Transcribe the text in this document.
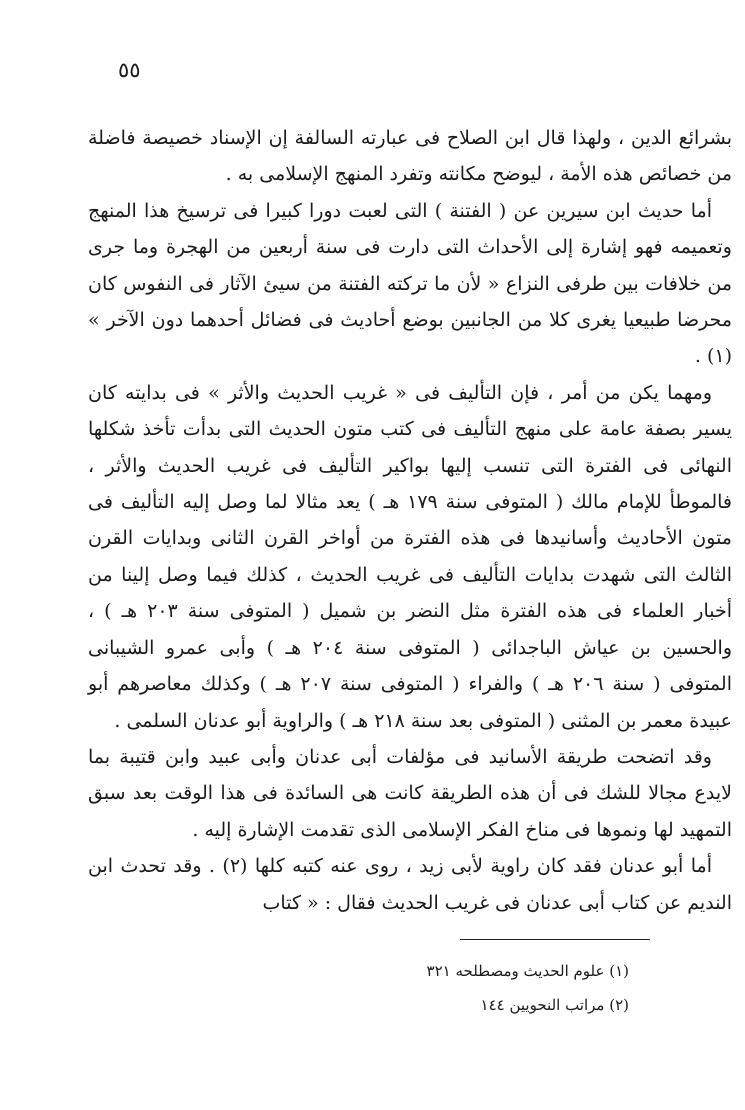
٥٥

بشرائع الدين ، ولهذا قال ابن الصلاح فى عبارته السالفة إن الإسناد خصيصة فاضلة من خصائص هذه الأمة ، ليوضح مكانته وتفرد المنهج الإسلامى به .

أما حديث ابن سيرين عن ( الفتنة ) التى لعبت دورا كبيرا فى ترسيخ هذا المنهج وتعميمه فهو إشارة إلى الأحداث التى دارت فى سنة أربعين من الهجرة وما جرى من خلافات بين طرفى النزاع « لأن ما تركته الفتنة من سيئ الآثار فى النفوس كان محرضا طبيعيا يغرى كلا من الجانبين بوضع أحاديث فى فضائل أحدهما دون الآخر » (١) .

ومهما يكن من أمر ، فإن التأليف فى « غريب الحديث والأثر » فى بدايته كان يسير بصفة عامة على منهج التأليف فى كتب متون الحديث التى بدأت تأخذ شكلها النهائى فى الفترة التى تنسب إليها بواكير التأليف فى غريب الحديث والأثر ، فالموطأ للإمام مالك ( المتوفى سنة ١٧٩ هـ ) يعد مثالا لما وصل إليه التأليف فى متون الأحاديث وأسانيدها فى هذه الفترة من أواخر القرن الثانى وبدايات القرن الثالث التى شهدت بدايات التأليف فى غريب الحديث ، كذلك فيما وصل إلينا من أخبار العلماء فى هذه الفترة مثل النضر بن شميل ( المتوفى سنة ٢٠٣ هـ ) ، والحسين بن عياش الباجدائى ( المتوفى سنة ٢٠٤ هـ ) وأبى عمرو الشيبانى المتوفى ( سنة ٢٠٦ هـ ) والفراء ( المتوفى سنة ٢٠٧ هـ ) وكذلك معاصرهم أبو عبيدة معمر بن المثنى ( المتوفى بعد سنة ٢١٨ هـ ) والراوية أبو عدنان السلمى .

وقد اتضحت طريقة الأسانيد فى مؤلفات أبى عدنان وأبى عبيد وابن قتيبة بما لايدع مجالا للشك فى أن هذه الطريقة كانت هى السائدة فى هذا الوقت بعد سبق التمهيد لها ونموها فى مناخ الفكر الإسلامى الذى تقدمت الإشارة إليه .

أما أبو عدنان فقد كان راوية لأبى زيد ، روى عنه كتبه كلها (٢) . وقد تحدث ابن النديم عن كتاب أبى عدنان فى غريب الحديث فقال : « كتاب

(١) علوم الحديث ومصطلحه ٣٢١
(٢) مراتب النحويين ١٤٤
